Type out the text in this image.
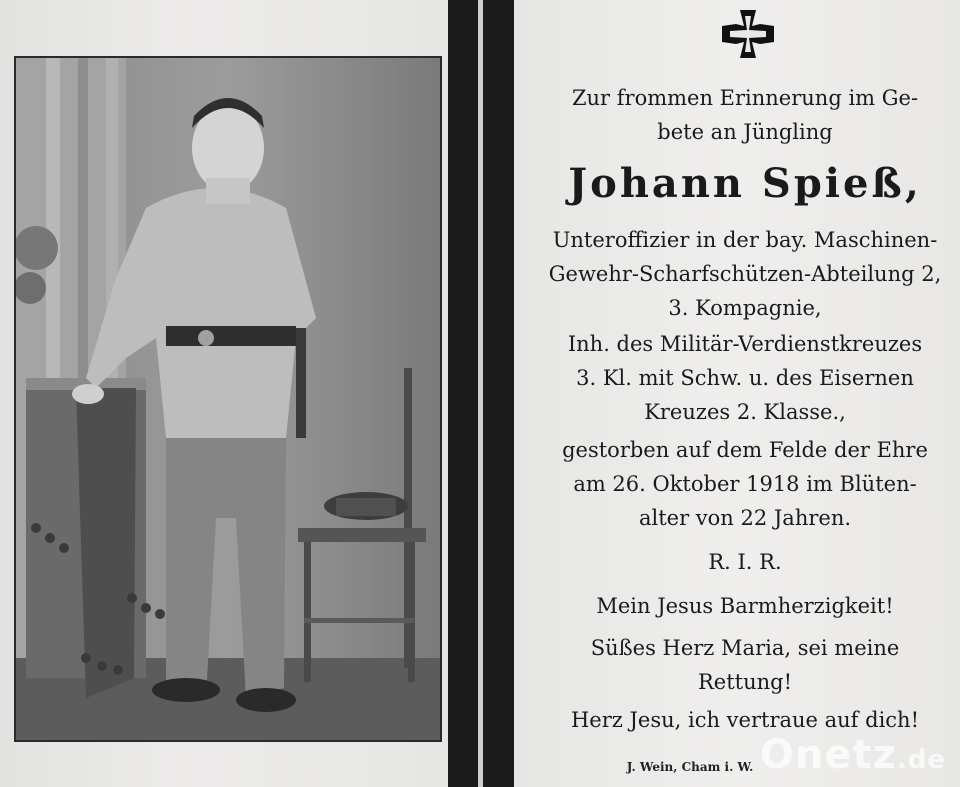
Zur frommen Erinnerung im Ge-
bete an Jüngling
Johann Spieß,
Unteroffizier in der bay. Maschinen-
Gewehr-Scharfschützen-Abteilung 2,
3. Kompagnie,
Inh. des Militär-Verdienstkreuzes
3. Kl. mit Schw. u. des Eisernen
Kreuzes 2. Klasse.,
gestorben auf dem Felde der Ehre
am 26. Oktober 1918 im Blüten-
alter von 22 Jahren.
R. I. R.
Mein Jesus Barmherzigkeit!
Süßes Herz Maria, sei meine
Rettung!
Herz Jesu, ich vertraue auf dich!
J. Wein, Cham i. W. Onetz.de
